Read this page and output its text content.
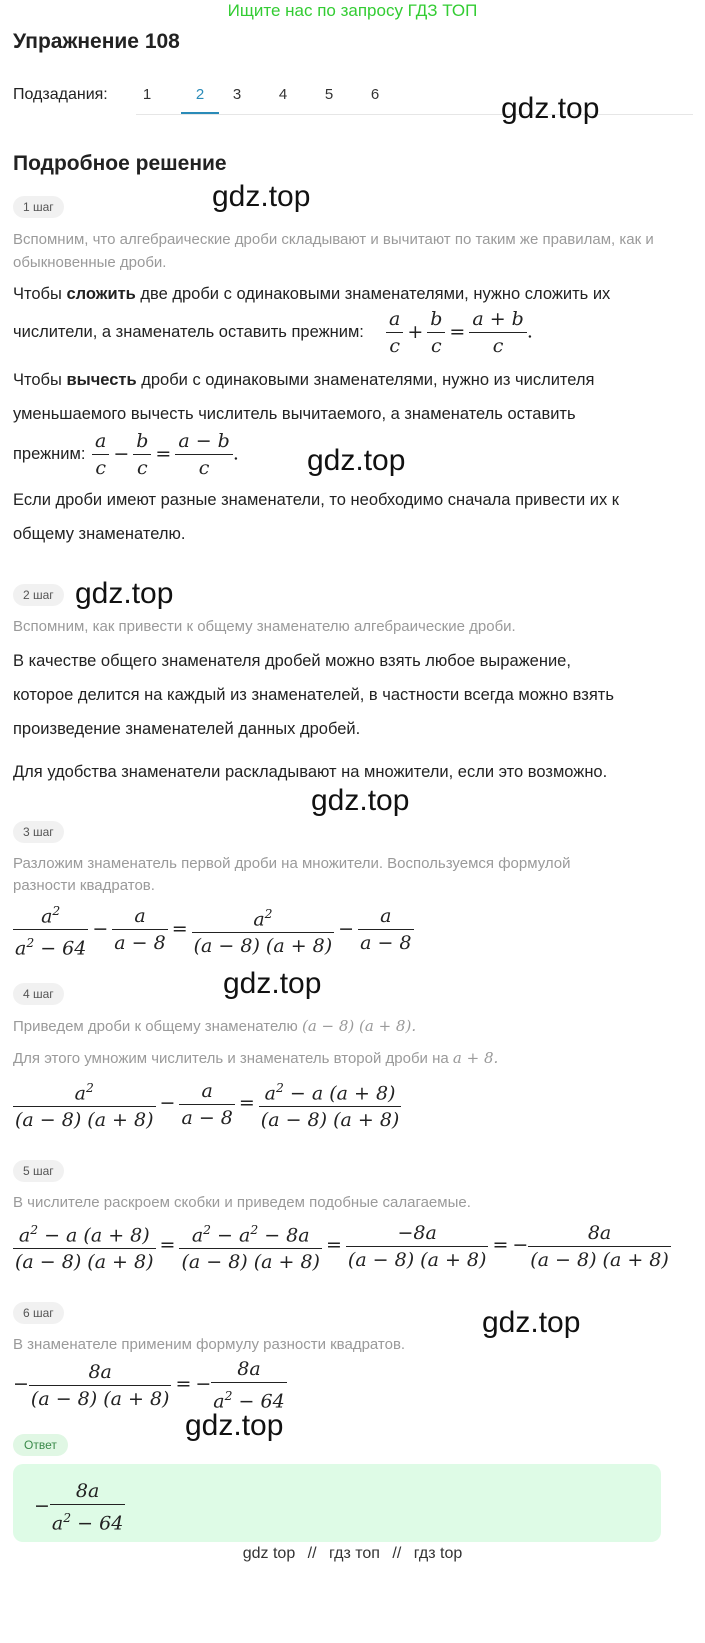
Ищите нас по запросу ГДЗ ТОП
Упражнение 108
Подзадания:	1	2	3	4	5	6	gdz.top
gdz.top
gdz.top
gdz.top
gdz.top
gdz.top
gdz.top
gdz.top
Подробное решение
1 шаг
Вспомним, что алгебраические дроби складывают и вычитают по таким же правилам, как и обыкновенные дроби.
Чтобы сложить две дроби с одинаковыми знаменателями, нужно сложить их
числители, а знаменатель оставить прежним: $\frac{a}{c} + \frac{b}{c} = \frac{a + b}{c}$ .
Чтобы вычесть дроби с одинаковыми знаменателями, нужно из числителя
уменьшаемого вычесть числитель вычитаемого, а знаменатель оставить
прежним: $\frac{a}{c} - \frac{b}{c} = \frac{a - b}{c}$ .
Если дроби имеют разные знаменатели, то необходимо сначала привести их к
общему знаменателю.
2 шаг
Вспомним, как привести к общему знаменателю алгебраические дроби.
В качестве общего знаменателя дробей можно взять любое выражение,
которое делится на каждый из знаменателей, в частности всегда можно взять
произведение знаменателей данных дробей.
Для удобства знаменатели раскладывают на множители, если это возможно.
3 шаг
Разложим знаменатель первой дроби на множители. Воспользуемся формулой
разности квадратов.
$\frac{a^2}{a^2 - 64} - \frac{a}{a - 8} = \frac{a^2}{(a - 8) (a + 8)} - \frac{a}{a - 8}$
4 шаг
Приведем дроби к общему знаменателю (a − 8) (a + 8).
Для этого умножим числитель и знаменатель второй дроби на a + 8.
$\frac{a^2}{(a - 8) (a + 8)} - \frac{a}{a - 8} = \frac{a^2 - a (a + 8)}{(a - 8) (a + 8)}$
5 шаг
В числителе раскроем скобки и приведем подобные салагаемые.
$\frac{a^2 - a (a + 8)}{(a - 8) (a + 8)} = \frac{a^2 - a^2 - 8a}{(a - 8) (a + 8)} = \frac{-8a}{(a - 8) (a + 8)}$ = − $\frac{8a}{(a - 8) (a + 8)}$
6 шаг
В знаменателе применим формулу разности квадратов.
− $\frac{8a}{(a - 8) (a + 8)}$ = − $\frac{8a}{a^2 - 64}$
Ответ
− $\frac{8a}{a^2 - 64}$
gdz top // гдз топ // гдз top
